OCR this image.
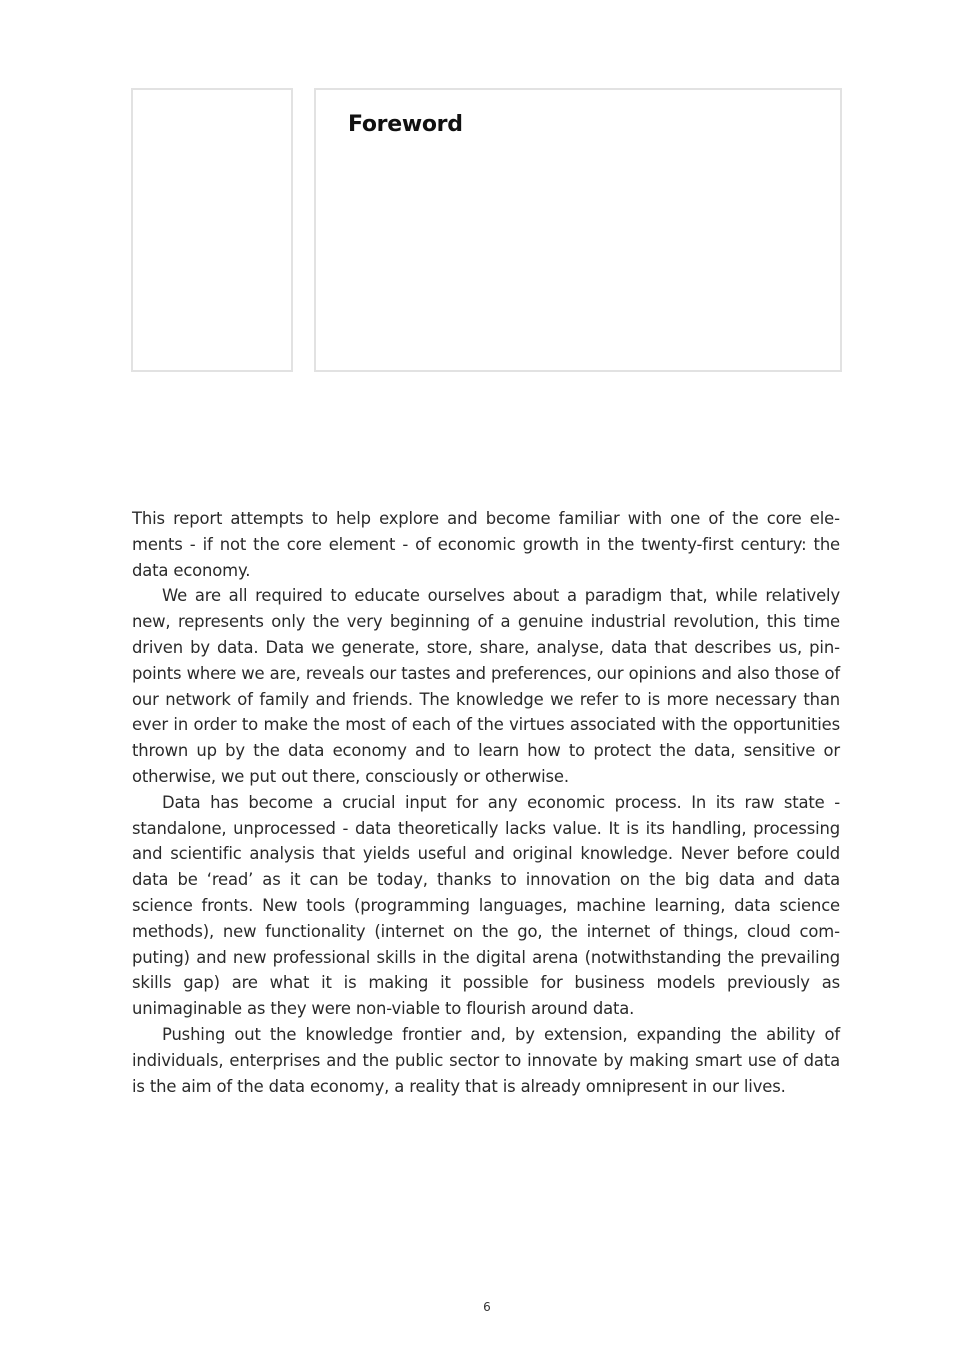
Foreword

This report attempts to help explore and become familiar with one of the core elements - if not the core element - of economic growth in the twenty-first century: the data economy.

We are all required to educate ourselves about a paradigm that, while relatively new, represents only the very beginning of a genuine industrial revolution, this time driven by data. Data we generate, store, share, analyse, data that describes us, pinpoints where we are, reveals our tastes and preferences, our opinions and also those of our network of family and friends. The knowledge we refer to is more necessary than ever in order to make the most of each of the virtues associated with the opportunities thrown up by the data economy and to learn how to protect the data, sensitive or otherwise, we put out there, consciously or otherwise.

Data has become a crucial input for any economic process. In its raw state - standalone, unprocessed - data theoretically lacks value. It is its handling, processing and scientific analysis that yields useful and original knowledge. Never before could data be ‘read’ as it can be today, thanks to innovation on the big data and data science fronts. New tools (programming languages, machine learning, data science methods), new functionality (internet on the go, the internet of things, cloud computing) and new professional skills in the digital arena (notwithstanding the prevailing skills gap) are what it is making it possible for business models previously as unimaginable as they were non-viable to flourish around data.

Pushing out the knowledge frontier and, by extension, expanding the ability of individuals, enterprises and the public sector to innovate by making smart use of data is the aim of the data economy, a reality that is already omnipresent in our lives.

6
